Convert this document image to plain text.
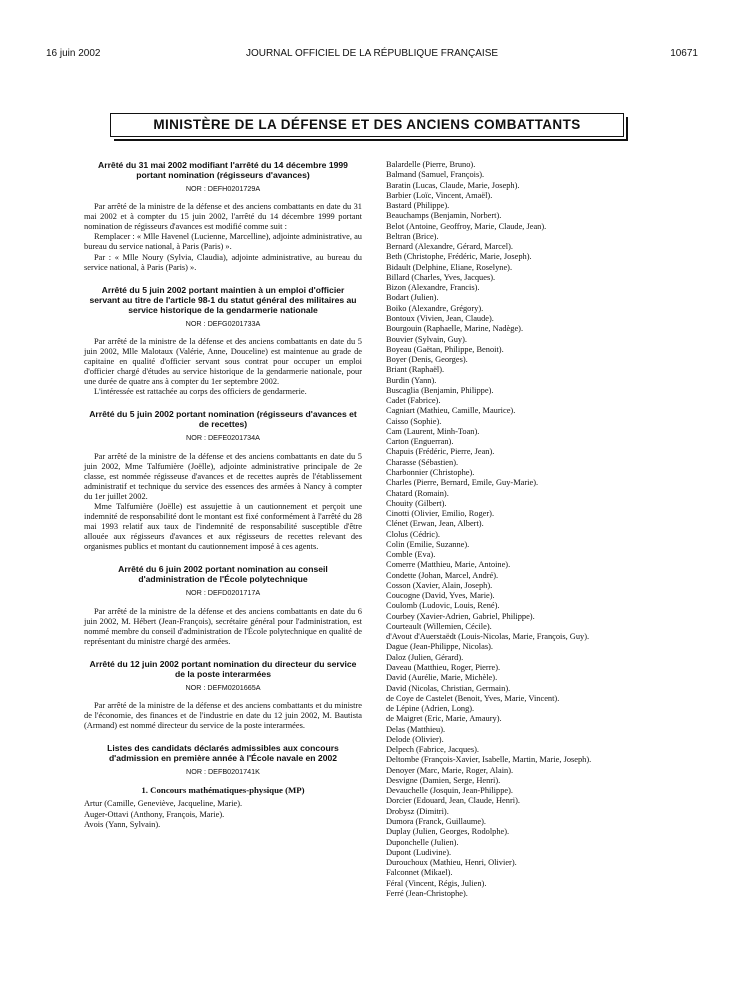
16 juin 2002	JOURNAL OFFICIEL DE LA RÉPUBLIQUE FRANÇAISE	10671
MINISTÈRE DE LA DÉFENSE ET DES ANCIENS COMBATTANTS
Arrêté du 31 mai 2002 modifiant l'arrêté du 14 décembre 1999 portant nomination (régisseurs d'avances)
NOR : DEFH0201729A

Par arrêté de la ministre de la défense et des anciens combattants en date du 31 mai 2002 et à compter du 15 juin 2002, l'arrêté du 14 décembre 1999 portant nomination de régisseurs d'avances est modifié comme suit :

Remplacer : « Mlle Havenel (Lucienne, Marcelline), adjointe administrative, au bureau du service national, à Paris (Paris) ».

Par : « Mlle Noury (Sylvia, Claudia), adjointe administrative, au bureau du service national, à Paris (Paris) ».

Arrêté du 5 juin 2002 portant maintien à un emploi d'officier servant au titre de l'article 98-1 du statut général des militaires au service historique de la gendarmerie nationale
NOR : DEFG0201733A

Par arrêté de la ministre de la défense et des anciens combattants en date du 5 juin 2002, Mlle Malotaux (Valérie, Anne, Douceline) est maintenue au grade de capitaine en qualité d'officier servant sous contrat pour occuper un emploi d'officier chargé d'études au service historique de la gendarmerie nationale, pour une durée de quatre ans à compter du 1er septembre 2002.

L'intéressée est rattachée au corps des officiers de gendarmerie.

Arrêté du 5 juin 2002 portant nomination (régisseurs d'avances et de recettes)
NOR : DEFE0201734A

Par arrêté de la ministre de la défense et des anciens combattants en date du 5 juin 2002, Mme Talfumière (Joëlle), adjointe administrative principale de 2e classe, est nommée régisseuse d'avances et de recettes auprès de l'établissement administratif et technique du service des essences des armées à Nancy à compter du 1er juillet 2002.

Mme Talfumière (Joëlle) est assujettie à un cautionnement et perçoit une indemnité de responsabilité dont le montant est fixé conformément à l'arrêté du 28 mai 1993 relatif aux taux de l'indemnité de responsabilité susceptible d'être allouée aux régisseurs d'avances et aux régisseurs de recettes relevant des organismes publics et montant du cautionnement imposé à ces agents.

Arrêté du 6 juin 2002 portant nomination au conseil d'administration de l'École polytechnique
NOR : DEFD0201717A

Par arrêté de la ministre de la défense et des anciens combattants en date du 6 juin 2002, M. Hébert (Jean-François), secrétaire général pour l'administration, est nommé membre du conseil d'administration de l'École polytechnique en qualité de représentant du ministre chargé des armées.

Arrêté du 12 juin 2002 portant nomination du directeur du service de la poste interarmées
NOR : DEFM0201665A

Par arrêté de la ministre de la défense et des anciens combattants et du ministre de l'économie, des finances et de l'industrie en date du 12 juin 2002, M. Bautista (Armand) est nommé directeur du service de la poste interarmées.

Listes des candidats déclarés admissibles aux concours d'admission en première année à l'École navale en 2002
NOR : DEFB0201741K
1. Concours mathématiques-physique (MP)
Artur (Camille, Geneviève, Jacqueline, Marie).
Auger-Ottavi (Anthony, François, Marie).
Avois (Yann, Sylvain).
Balardelle (Pierre, Bruno).
Balmand (Samuel, François).
Baratin (Lucas, Claude, Marie, Joseph).
Barbier (Loïc, Vincent, Amaël).
Bastard (Philippe).
Beauchamps (Benjamin, Norbert).
Belot (Antoine, Geoffroy, Marie, Claude, Jean).
Beltran (Brice).
Bernard (Alexandre, Gérard, Marcel).
Beth (Christophe, Frédéric, Marie, Joseph).
Bidault (Delphine, Eliane, Roselyne).
Billard (Charles, Yves, Jacques).
Bizon (Alexandre, Francis).
Bodart (Julien).
Boiko (Alexandre, Grégory).
Bontoux (Vivien, Jean, Claude).
Bourgouin (Raphaelle, Marine, Nadège).
Bouvier (Sylvain, Guy).
Boyeau (Gaëtan, Philippe, Benoit).
Boyer (Denis, Georges).
Briant (Raphaël).
Burdin (Yann).
Buscaglia (Benjamin, Philippe).
Cadet (Fabrice).
Cagniart (Mathieu, Camille, Maurice).
Caisso (Sophie).
Cam (Laurent, Minh-Toan).
Carton (Enguerran).
Chapuis (Frédéric, Pierre, Jean).
Charasse (Sébastien).
Charbonnier (Christophe).
Charles (Pierre, Bernard, Emile, Guy-Marie).
Chatard (Romain).
Chouity (Gilbert).
Cinotti (Olivier, Emilio, Roger).
Clénet (Erwan, Jean, Albert).
Clolus (Cédric).
Colin (Emilie, Suzanne).
Comble (Eva).
Comerre (Matthieu, Marie, Antoine).
Condette (Johan, Marcel, André).
Cosson (Xavier, Alain, Joseph).
Coucogne (David, Yves, Marie).
Coulomb (Ludovic, Louis, René).
Courbey (Xavier-Adrien, Gabriel, Philippe).
Courteault (Willemien, Cécile).
d'Avout d'Auerstaëdt (Louis-Nicolas, Marie, François, Guy).
Dague (Jean-Philippe, Nicolas).
Daloz (Julien, Gérard).
Daveau (Matthieu, Roger, Pierre).
David (Aurélie, Marie, Michèle).
David (Nicolas, Christian, Germain).
de Coye de Castelet (Benoit, Yves, Marie, Vincent).
de Lépine (Adrien, Long).
de Maigret (Eric, Marie, Amaury).
Delas (Matthieu).
Delode (Olivier).
Delpech (Fabrice, Jacques).
Deltombe (François-Xavier, Isabelle, Martin, Marie, Joseph).
Denoyer (Marc, Marie, Roger, Alain).
Desvigne (Damien, Serge, Henri).
Devauchelle (Josquin, Jean-Philippe).
Dorcier (Edouard, Jean, Claude, Henri).
Drobysz (Dimitri).
Dumora (Franck, Guillaume).
Duplay (Julien, Georges, Rodolphe).
Duponchelle (Julien).
Dupont (Ludivine).
Durouchoux (Mathieu, Henri, Olivier).
Falconnet (Mikael).
Féral (Vincent, Régis, Julien).
Ferré (Jean-Christophe).
